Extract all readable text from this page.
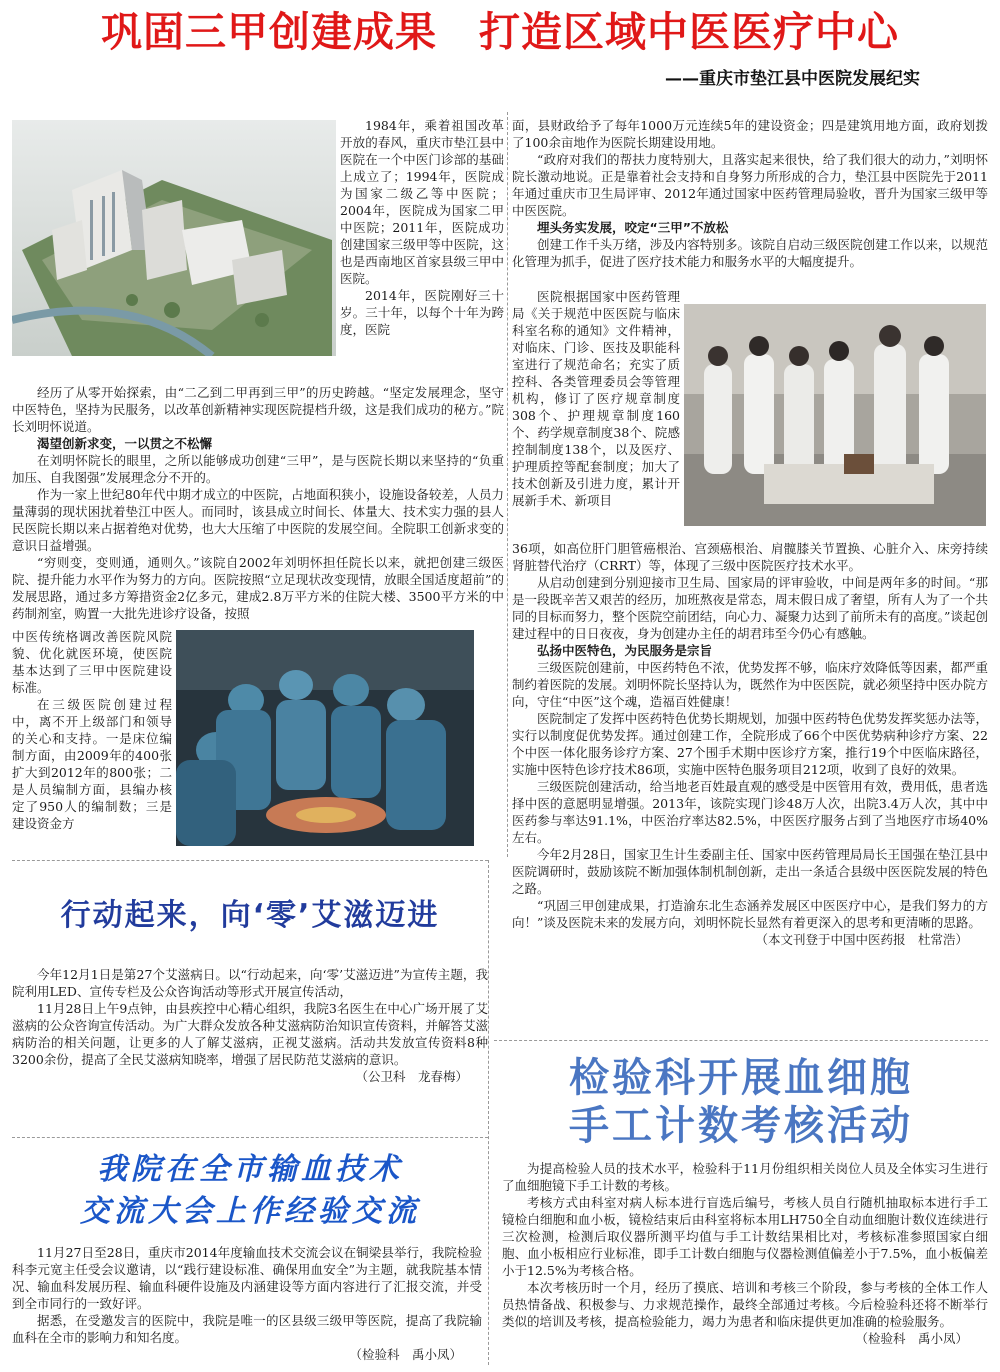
巩固三甲创建成果　打造区域中医医疗中心
——重庆市垫江县中医院发展纪实

1984年，乘着祖国改革开放的春风，重庆市垫江县中医院在一个中医门诊部的基础上成立了；1994年，医院成为国家二级乙等中医院；2004年，医院成为国家二甲中医院；2011年，医院成功创建国家三级甲等中医院，这也是西南地区首家县级三甲中医院。

2014年，医院刚好三十岁。三十年，以每个十年为跨度，医院

经历了从零开始探索，由“二乙到二甲再到三甲”的历史跨越。“坚定发展理念，坚守中医特色，坚持为民服务，以改革创新精神实现医院提档升级，这是我们成功的秘方。”院长刘明怀说道。

渴望创新求变，一以贯之不松懈

在刘明怀院长的眼里，之所以能够成功创建“三甲”，是与医院长期以来坚持的“负重加压、自我图强”发展理念分不开的。

作为一家上世纪80年代中期才成立的中医院，占地面积狭小，设施设备较差，人员力量薄弱的现状困扰着垫江中医人。而同时，该县成立时间长、体量大、技术实力强的县人民医院长期以来占据着绝对优势，也大大压缩了中医院的发展空间。全院职工创新求变的意识日益增强。

“穷则变，变则通，通则久。”该院自2002年刘明怀担任院长以来，就把创建三级医院、提升能力水平作为努力的方向。医院按照“立足现状改变现情，放眼全国适度超前”的发展思路，通过多方筹措资金2亿多元，建成2.8万平方米的住院大楼、3500平方米的中药制剂室，购置一大批先进诊疗设备，按照

中医传统格调改善医院风院貌、优化就医环境，使医院基本达到了三甲中医院建设标准。

在三级医院创建过程中，离不开上级部门和领导的关心和支持。一是床位编制方面，由2009年的400张扩大到2012年的800张；二是人员编制方面，县编办核定了950人的编制数；三是建设资金方

面，县财政给予了每年1000万元连续5年的建设资金；四是建筑用地方面，政府划拨了100余亩地作为医院长期建设用地。

“政府对我们的帮扶力度特别大，且落实起来很快，给了我们很大的动力，”刘明怀院长激动地说。正是靠着社会支持和自身努力所形成的合力，垫江县中医院先于2011年通过重庆市卫生局评审、2012年通过国家中医药管理局验收，晋升为国家三级甲等中医医院。

埋头务实发展，咬定“三甲”不放松

创建工作千头万绪，涉及内容特别多。该院自启动三级医院创建工作以来，以规范化管理为抓手，促进了医疗技术能力和服务水平的大幅度提升。

医院根据国家中医药管理局《关于规范中医医院与临床科室名称的通知》文件精神，对临床、门诊、医技及职能科室进行了规范命名；充实了质控科、各类管理委员会等管理机构，修订了医疗规章制度308个、护理规章制度160个、药学规章制度38个、院感控制制度138个，以及医疗、护理质控等配套制度；加大了技术创新及引进力度，累计开展新手术、新项目

36项，如高位肝门胆管癌根治、宫颈癌根治、肩髋膝关节置换、心脏介入、床旁持续肾脏替代治疗（CRRT）等，体现了三级中医院医疗技术水平。

从启动创建到分别迎接市卫生局、国家局的评审验收，中间是两年多的时间。“那是一段既辛苦又艰苦的经历，加班熬夜是常态，周末假日成了奢望，所有人为了一个共同的目标而努力，整个医院空前团结，向心力、凝聚力达到了前所未有的高度。”谈起创建过程中的日日夜夜，身为创建办主任的胡君玮至今仍心有感触。

弘扬中医特色，为民服务是宗旨

三级医院创建前，中医药特色不浓，优势发挥不够，临床疗效降低等因素，都严重制约着医院的发展。刘明怀院长坚持认为，既然作为中医医院，就必须坚持中医办院方向，守住“中医”这个魂，造福百姓健康！

医院制定了发挥中医药特色优势长期规划，加强中医药特色优势发挥奖惩办法等，实行以制度促优势发挥。通过创建工作，全院形成了66个中医优势病种诊疗方案、22个中医一体化服务诊疗方案、27个围手术期中医诊疗方案，推行19个中医临床路径，实施中医特色诊疗技术86项，实施中医特色服务项目212项，收到了良好的效果。

三级医院创建活动，给当地老百姓最直观的感受是中医管用有效，费用低，患者选择中医的意愿明显增强。2013年，该院实现门诊48万人次，出院3.4万人次，其中中医药参与率达91.1%，中医治疗率达82.5%，中医医疗服务占到了当地医疗市场40%左右。

今年2月28日，国家卫生计生委副主任、国家中医药管理局局长王国强在垫江县中医院调研时，鼓励该院不断加强体制机制创新，走出一条适合县级中医医院发展的特色之路。

“巩固三甲创建成果，打造渝东北生态涵养发展区中医医疗中心，是我们努力的方向！”谈及医院未来的发展方向，刘明怀院长显然有着更深入的思考和更清晰的思路。

（本文刊登于中国中医药报　杜常浩）

行动起来，向‘零’艾滋迈进

今年12月1日是第27个艾滋病日。以“行动起来，向‘零’艾滋迈进”为宣传主题，我院利用LED、宣传专栏及公众咨询活动等形式开展宣传活动，

11月28日上午9点钟，由县疾控中心精心组织，我院3名医生在中心广场开展了艾滋病的公众咨询宣传活动。为广大群众发放各种艾滋病防治知识宣传资料，并解答艾滋病防治的相关问题，让更多的人了解艾滋病，正视艾滋病。活动共发放宣传资料8种3200余份，提高了全民艾滋病知晓率，增强了居民防范艾滋病的意识。

（公卫科　龙春梅）

我院在全市输血技术
交流大会上作经验交流

11月27日至28日，重庆市2014年度输血技术交流会议在铜梁县举行，我院检验科李元宽主任受会议邀请，以“践行建设标准、确保用血安全”为主题，就我院基本情况、输血科发展历程、输血科硬件设施及内涵建设等方面内容进行了汇报交流，并受到全市同行的一致好评。

据悉，在受邀发言的医院中，我院是唯一的区县级三级甲等医院，提高了我院输血科在全市的影响力和知名度。

（检验科　禹小凤）

检验科开展血细胞
手工计数考核活动

为提高检验人员的技术水平，检验科于11月份组织相关岗位人员及全体实习生进行了血细胞镜下手工计数的考核。

考核方式由科室对病人标本进行盲选后编号，考核人员自行随机抽取标本进行手工镜检白细胞和血小板，镜检结束后由科室将标本用LH750全自动血细胞计数仪连续进行三次检测，检测后取仪器所测平均值与手工计数结果相比对，考核标准参照国家白细胞、血小板相应行业标准，即手工计数白细胞与仪器检测值偏差小于7.5%，血小板偏差小于12.5%为考核合格。

本次考核历时一个月，经历了摸底、培训和考核三个阶段，参与考核的全体工作人员热情备战、积极参与、力求规范操作，最终全部通过考核。今后检验科还将不断举行类似的培训及考核，提高检验能力，竭力为患者和临床提供更加准确的检验服务。

（检验科　禹小凤）
